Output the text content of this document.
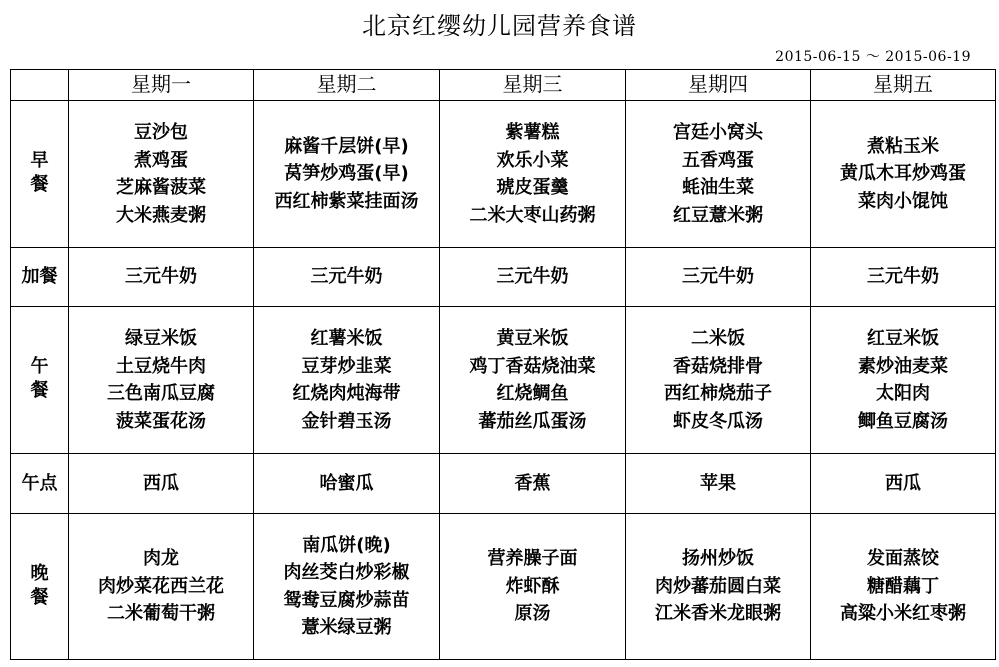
北京红缨幼儿园营养食谱
2015-06-15 ～ 2015-06-19
	星期一	星期二	星期三	星期四	星期五
早餐	豆沙包
煮鸡蛋
芝麻酱菠菜
大米燕麦粥	麻酱千层饼(早)
莴笋炒鸡蛋(早)
西红柿紫菜挂面汤	紫薯糕
欢乐小菜
琥皮蛋羹
二米大枣山药粥	宫廷小窝头
五香鸡蛋
蚝油生菜
红豆薏米粥	煮粘玉米
黄瓜木耳炒鸡蛋
菜肉小馄饨

加餐	三元牛奶	三元牛奶	三元牛奶	三元牛奶	三元牛奶

午餐	绿豆米饭
土豆烧牛肉
三色南瓜豆腐
菠菜蛋花汤	红薯米饭
豆芽炒韭菜
红烧肉炖海带
金针碧玉汤	黄豆米饭
鸡丁香菇烧油菜
红烧鲷鱼
蕃茄丝瓜蛋汤	二米饭
香菇烧排骨
西红柿烧茄子
虾皮冬瓜汤	红豆米饭
素炒油麦菜
太阳肉
鲫鱼豆腐汤

午点	西瓜	哈蜜瓜	香蕉	苹果	西瓜

晚餐	肉龙
肉炒菜花西兰花
二米葡萄干粥	南瓜饼(晚)
肉丝茭白炒彩椒
鸳鸯豆腐炒蒜苗
薏米绿豆粥	营养臊子面
炸虾酥
原汤	扬州炒饭
肉炒蕃茄圆白菜
江米香米龙眼粥	发面蒸饺
糖醋藕丁
高粱小米红枣粥
